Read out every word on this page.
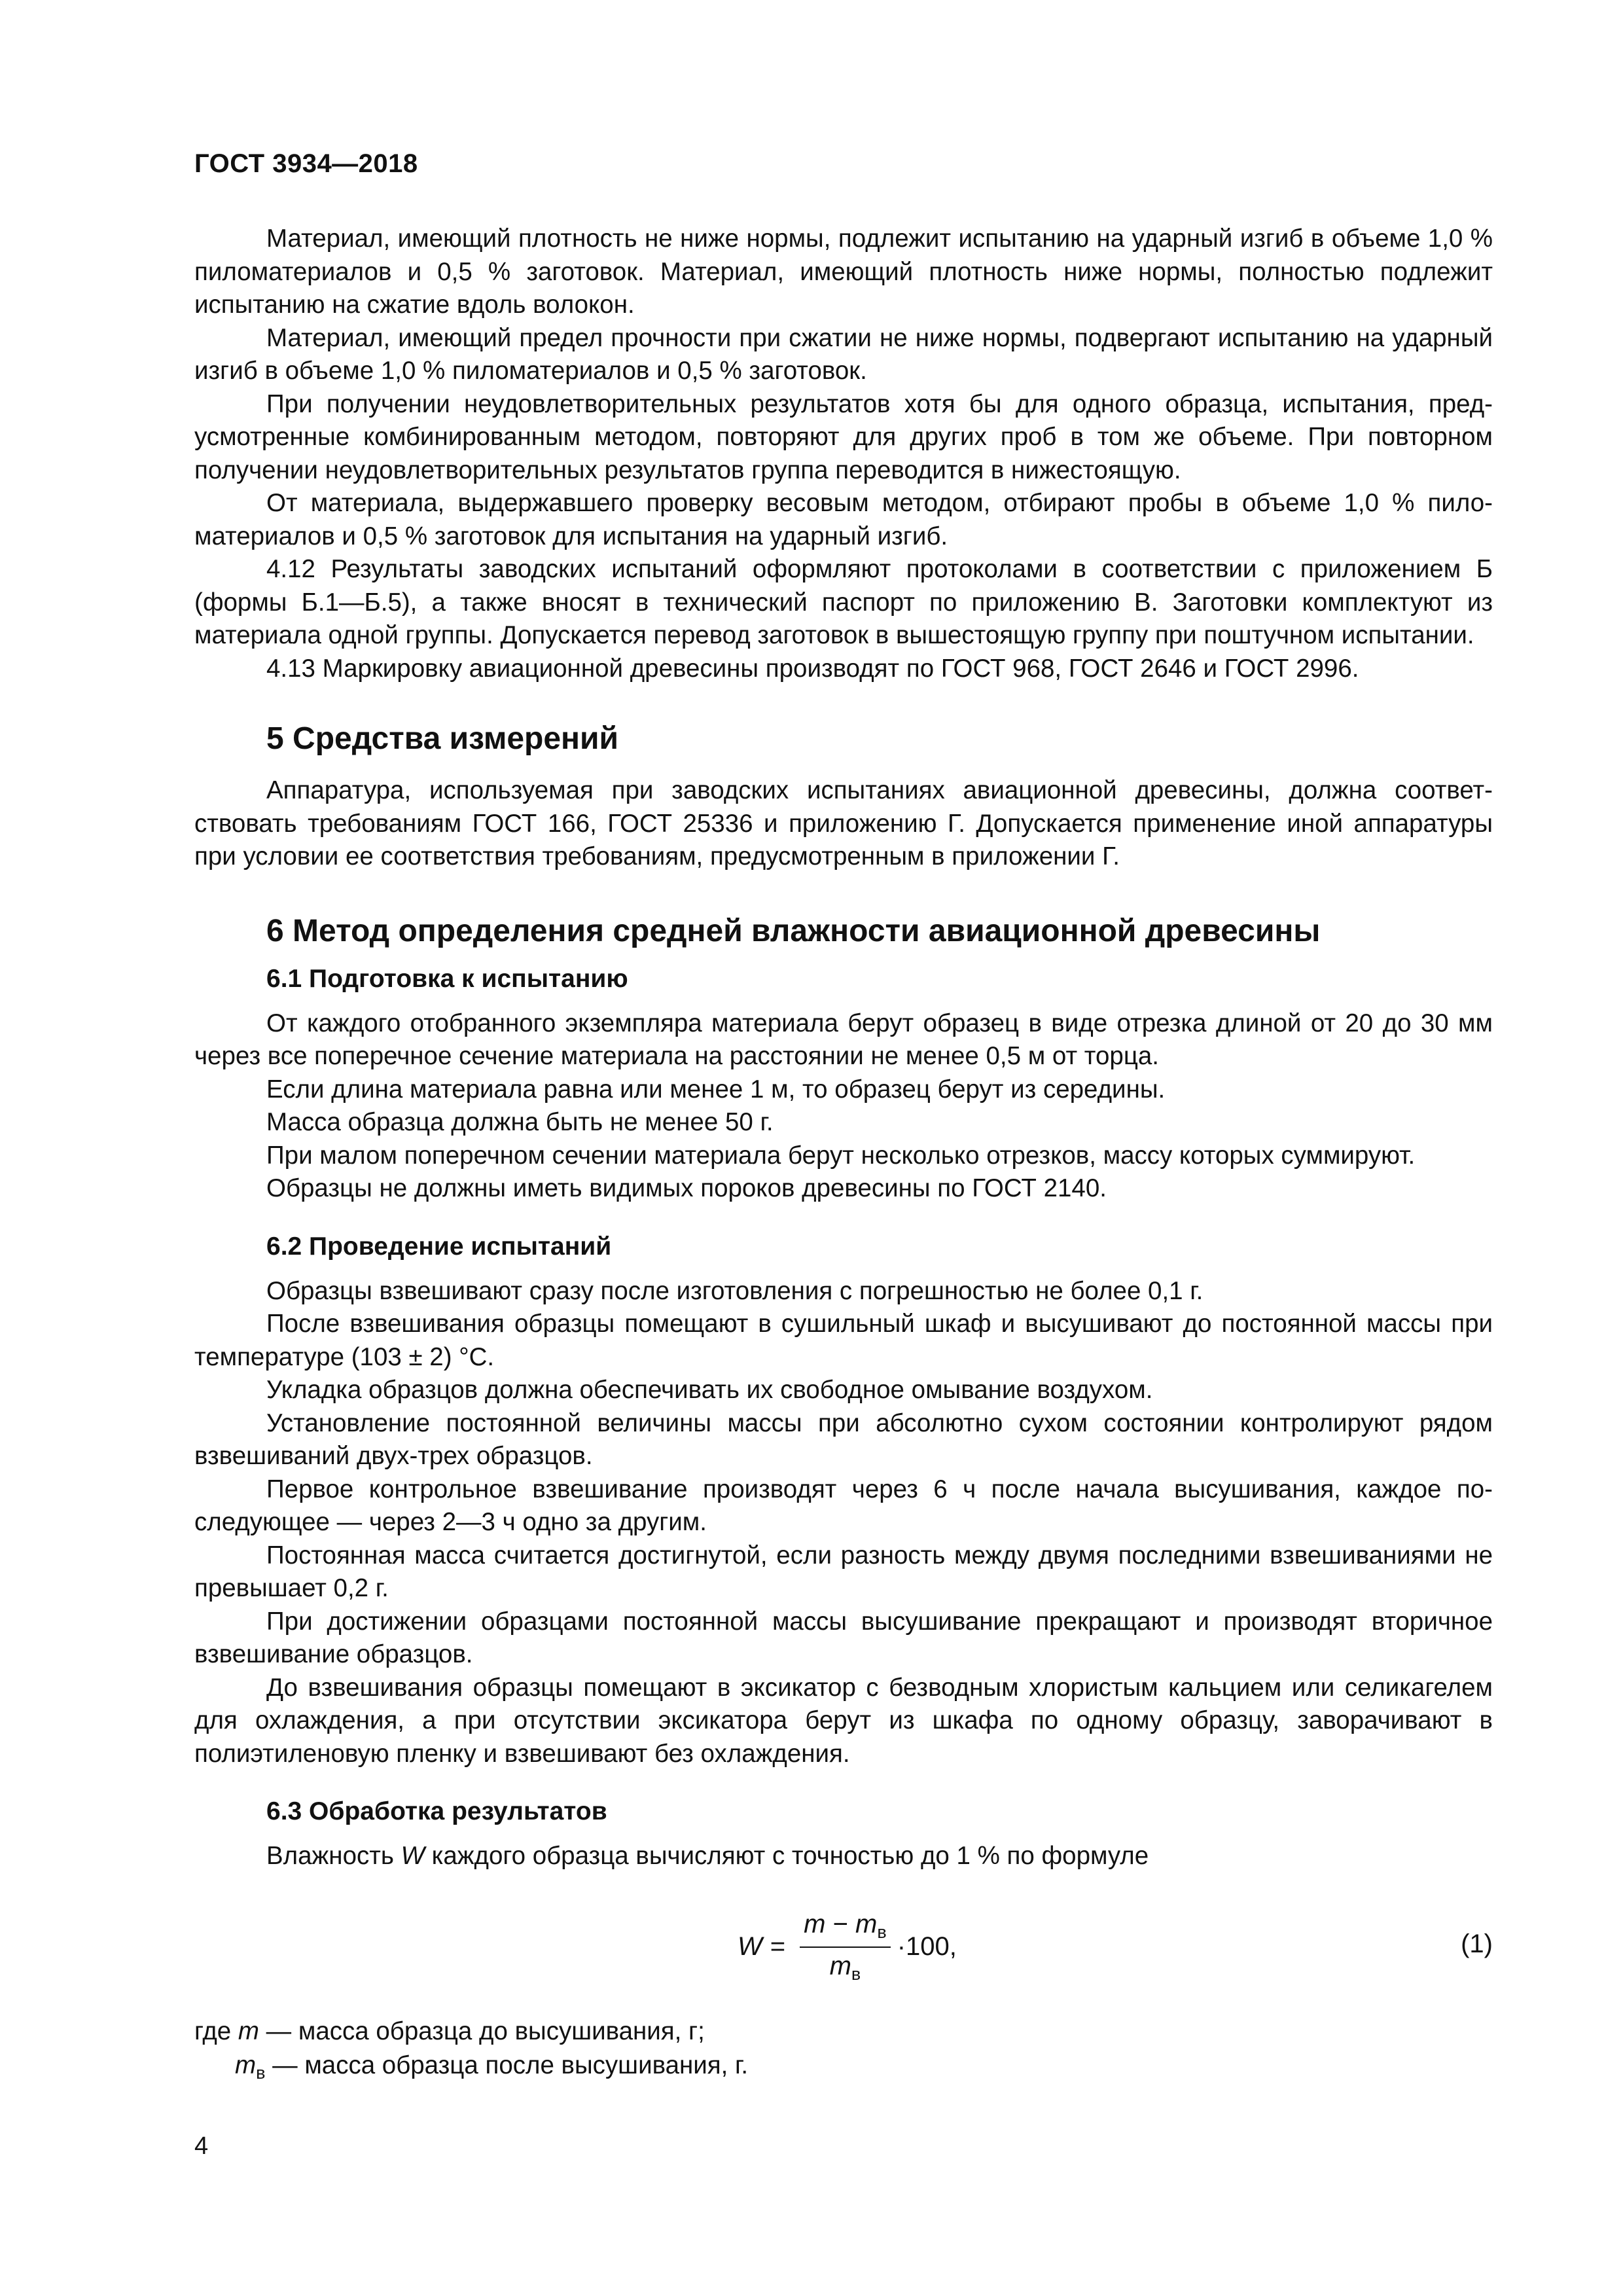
ГОСТ 3934—2018

Материал, имеющий плотность не ниже нормы, подлежит испытанию на ударный изгиб в объеме 1,0 % пиломатериалов и 0,5 % заготовок. Материал, имеющий плотность ниже нормы, полностью подлежит испытанию на сжатие вдоль волокон.

Материал, имеющий предел прочности при сжатии не ниже нормы, подвергают испытанию на ударный изгиб в объеме 1,0 % пиломатериалов и 0,5 % заготовок.

При получении неудовлетворительных результатов хотя бы для одного образца, испытания, предусмотренные комбинированным методом, повторяют для других проб в том же объеме. При повторном получении неудовлетворительных результатов группа переводится в нижестоящую.

От материала, выдержавшего проверку весовым методом, отбирают пробы в объеме 1,0 % пиломатериалов и 0,5 % заготовок для испытания на ударный изгиб.

4.12 Результаты заводских испытаний оформляют протоколами в соответствии с приложением Б (формы Б.1—Б.5), а также вносят в технический паспорт по приложению В. Заготовки комплектуют из материала одной группы. Допускается перевод заготовок в вышестоящую группу при поштучном испытании.

4.13 Маркировку авиационной древесины производят по ГОСТ 968, ГОСТ 2646 и ГОСТ 2996.

5 Средства измерений

Аппаратура, используемая при заводских испытаниях авиационной древесины, должна соответствовать требованиям ГОСТ 166, ГОСТ 25336 и приложению Г. Допускается применение иной аппаратуры при условии ее соответствия требованиям, предусмотренным в приложении Г.

6 Метод определения средней влажности авиационной древесины
6.1 Подготовка к испытанию

От каждого отобранного экземпляра материала берут образец в виде отрезка длиной от 20 до 30 мм через все поперечное сечение материала на расстоянии не менее 0,5 м от торца.

Если длина материала равна или менее 1 м, то образец берут из середины.

Масса образца должна быть не менее 50 г.

При малом поперечном сечении материала берут несколько отрезков, массу которых суммируют.

Образцы не должны иметь видимых пороков древесины по ГОСТ 2140.

6.2 Проведение испытаний

Образцы взвешивают сразу после изготовления с погрешностью не более 0,1 г.

После взвешивания образцы помещают в сушильный шкаф и высушивают до постоянной массы при температуре (103 ± 2) °С.

Укладка образцов должна обеспечивать их свободное омывание воздухом.

Установление постоянной величины массы при абсолютно сухом состоянии контролируют рядом взвешиваний двух-трех образцов.

Первое контрольное взвешивание производят через 6 ч после начала высушивания, каждое последующее — через 2—3 ч одно за другим.

Постоянная масса считается достигнутой, если разность между двумя последними взвешиваниями не превышает 0,2 г.

При достижении образцами постоянной массы высушивание прекращают и производят вторичное взвешивание образцов.

До взвешивания образцы помещают в эксикатор с безводным хлористым кальцием или селикагелем для охлаждения, а при отсутствии эксикатора берут из шкафа по одному образцу, заворачивают в полиэтиленовую пленку и взвешивают без охлаждения.

6.3 Обработка результатов

Влажность W каждого образца вычисляют с точностью до 1 % по формуле

$W = \frac{m - m_в}{m_в} \cdot 100$,	(1)
где m — масса образца до высушивания, г;
$m_в$ — масса образца после высушивания, г.
4
